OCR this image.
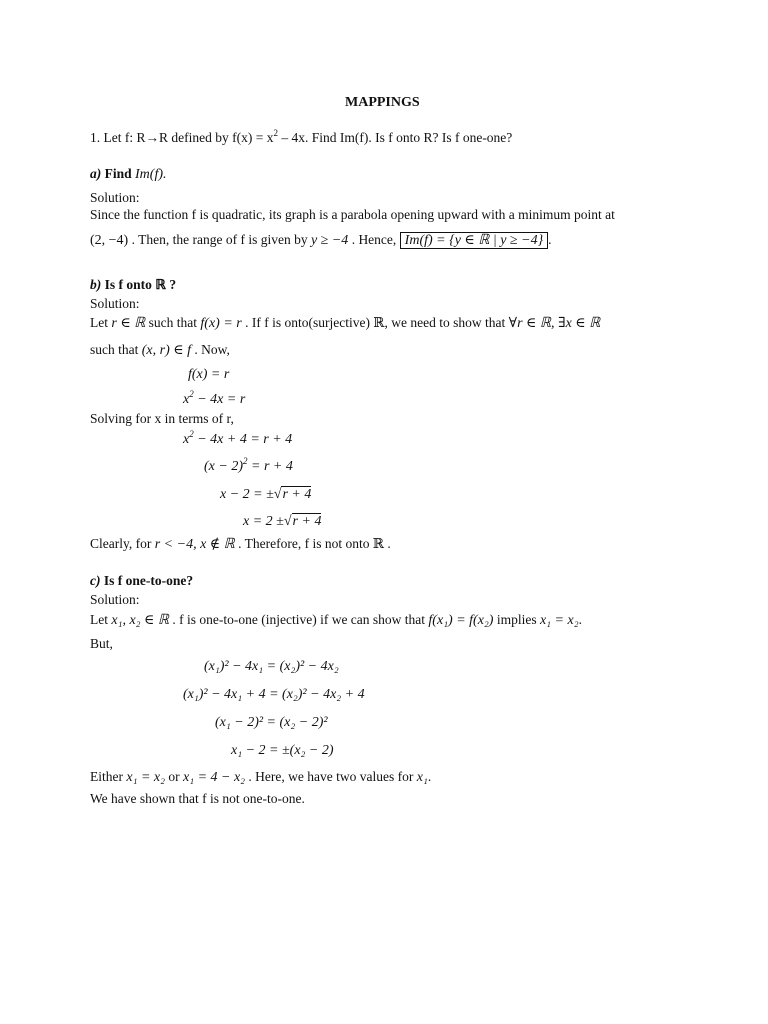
MAPPINGS
1. Let f: R→R defined by $f(x) = x^2 - 4x$. Find Im(f). Is f onto R? Is f one-one?
a) Find Im(f).
Solution:
Since the function f is quadratic, its graph is a parabola opening upward with a minimum point at
(2, −4) . Then, the range of f is given by y ≥ −4 . Hence, Im(f) = {y ∈ ℝ | y ≥ −4} .
b) Is f onto ℝ ?
Solution:
Let r ∈ ℝ such that f(x) = r . If f is onto(surjective) ℝ, we need to show that ∀r ∈ ℝ, ∃x ∈ ℝ
such that (x, r) ∈ f . Now,
f(x) = r
$x^2 - 4x = r$
Solving for x in terms of r,
$x^2 - 4x + 4 = r + 4$
$(x - 2)^2 = r + 4$
x − 2 = ±√r + 4
x = 2 ±√r + 4
Clearly, for r < −4, x ∉ ℝ . Therefore, f is not onto ℝ .
c) Is f one-to-one?
Solution:
Let x₁, x₂ ∈ ℝ . f is one-to-one (injective) if we can show that f(x₁) = f(x₂) implies x₁ = x₂.
But,
(x₁)² − 4x₁ = (x₂)² − 4x₂
(x₁)² − 4x₁ + 4 = (x₂)² − 4x₂ + 4
(x₁ − 2)² = (x₂ − 2)²
x₁ − 2 = ±(x₂ − 2)
Either x₁ = x₂ or x₁ = 4 − x₂ . Here, we have two values for x₁.
We have shown that f is not one-to-one.
